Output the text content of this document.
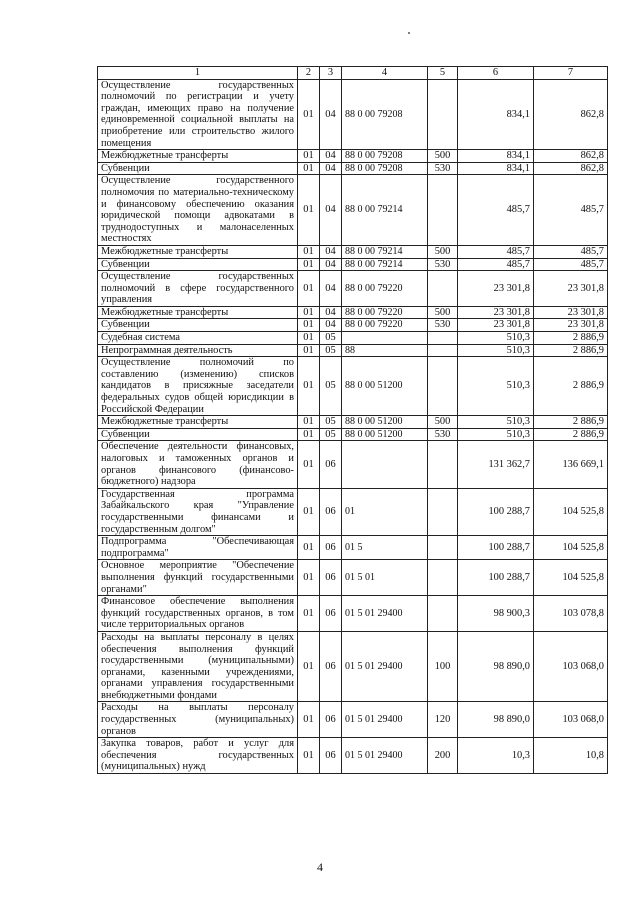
1	2	3	4	5	6	7
Осуществление государственных полномочий по регистрации и учету граждан, имеющих право на получение единовременной социальной выплаты на приобретение или строительство жилого помещения	01	04	88 0 00 79208		834,1	862,8
Межбюджетные трансферты	01	04	88 0 00 79208	500	834,1	862,8
Субвенции	01	04	88 0 00 79208	530	834,1	862,8
Осуществление государственного полномочия по материально-техническому и финансовому обеспечению оказания юридической помощи адвокатами в труднодоступных и малонаселенных местностях	01	04	88 0 00 79214		485,7	485,7
Межбюджетные трансферты	01	04	88 0 00 79214	500	485,7	485,7
Субвенции	01	04	88 0 00 79214	530	485,7	485,7
Осуществление государственных полномочий в сфере государственного управления	01	04	88 0 00 79220		23 301,8	23 301,8
Межбюджетные трансферты	01	04	88 0 00 79220	500	23 301,8	23 301,8
Субвенции	01	04	88 0 00 79220	530	23 301,8	23 301,8
Судебная система	01	05			510,3	2 886,9
Непрограммная деятельность	01	05	88		510,3	2 886,9
Осуществление полномочий по составлению (изменению) списков кандидатов в присяжные заседатели федеральных судов общей юрисдикции в Российской Федерации	01	05	88 0 00 51200		510,3	2 886,9
Межбюджетные трансферты	01	05	88 0 00 51200	500	510,3	2 886,9
Субвенции	01	05	88 0 00 51200	530	510,3	2 886,9
Обеспечение деятельности финансовых, налоговых и таможенных органов и органов финансового (финансово-бюджетного) надзора	01	06			131 362,7	136 669,1
Государственная программа Забайкальского края "Управление государственными финансами и государственным долгом"	01	06	01		100 288,7	104 525,8
Подпрограмма "Обеспечивающая подпрограмма"	01	06	01 5		100 288,7	104 525,8
Основное мероприятие "Обеспечение выполнения функций государственными органами"	01	06	01 5 01		100 288,7	104 525,8
Финансовое обеспечение выполнения функций государственных органов, в том числе территориальных органов	01	06	01 5 01 29400		98 900,3	103 078,8
Расходы на выплаты персоналу в целях обеспечения выполнения функций государственными (муниципальными) органами, казенными учреждениями, органами управления государственными внебюджетными фондами	01	06	01 5 01 29400	100	98 890,0	103 068,0
Расходы на выплаты персоналу государственных (муниципальных) органов	01	06	01 5 01 29400	120	98 890,0	103 068,0
Закупка товаров, работ и услуг для обеспечения государственных (муниципальных) нужд	01	06	01 5 01 29400	200	10,3	10,8
4
